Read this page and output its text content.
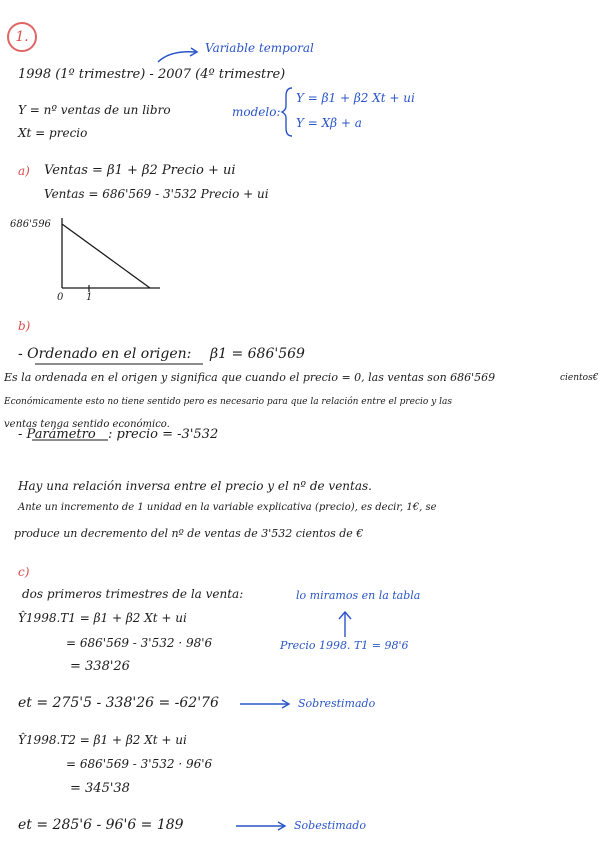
1.
Variable temporal
1998 (1º trimestre) - 2007 (4º trimestre)
Y = nº ventas de un libro
Xt = precio
modelo:
Y = β1 + β2 Xt + ui
Y = Xβ + a
a) Ventas = β1 + β2 Precio + ui
Ventas = 686'569 - 3'532 Precio + ui
686'596
0 1
b)
- Ordenado en el origen: β1 = 686'569
Es la ordenada en el origen y significa que cuando el precio = 0, las ventas son 686'569	cientos€
Económicamente esto no tiene sentido pero es necesario para que la relación entre el precio y las
ventas tenga sentido económico.
- Parámetro : precio = -3'532
Hay una relación inversa entre el precio y el nº de ventas.
Ante un incremento de 1 unidad en la variable explicativa (precio), es decir, 1€, se
produce un decremento del nº de ventas de 3'532 cientos de €
c)
dos primeros trimestres de la venta:	lo miramos en la tabla
Ŷ1998.T1 = β1 + β2 Xt + ui
= 686'569 - 3'532 · 98'6	Precio 1998. T1 = 98'6
= 338'26
et = 275'5 - 338'26 = -62'76	Sobrestimado
Ŷ1998.T2 = β1 + β2 Xt + ui
= 686'569 - 3'532 · 96'6
= 345'38
et = 285'6 - 96'6 = 189	Sobestimado
